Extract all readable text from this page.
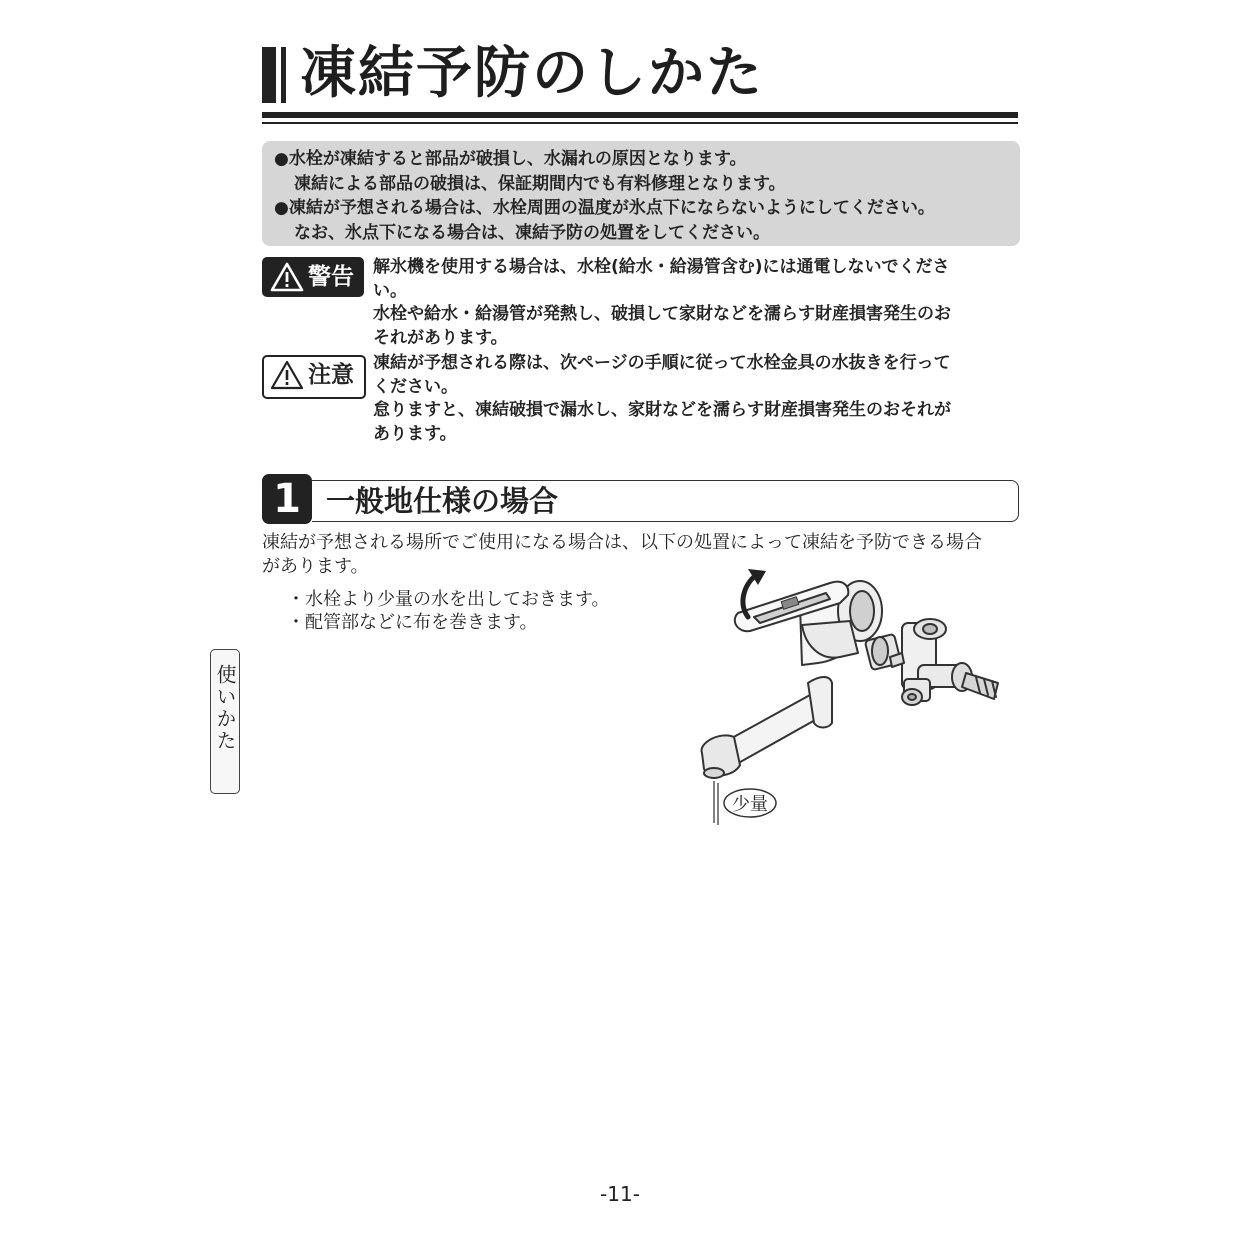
凍結予防のしかた

●水栓が凍結すると部品が破損し、水漏れの原因となります。

凍結による部品の破損は、保証期間内でも有料修理となります。

●凍結が予想される場合は、水栓周囲の温度が氷点下にならないようにしてください。

なお、氷点下になる場合は、凍結予防の処置をしてください。

警告 解氷機を使用する場合は、水栓(給水・給湯管含む)には通電しないでくださ

い。

水栓や給水・給湯管が発熱し、破損して家財などを濡らす財産損害発生のお

それがあります。

注意 凍結が予想される際は、次ページの手順に従って水栓金具の水抜きを行って

ください。

怠りますと、凍結破損で漏水し、家財などを濡らす財産損害発生のおそれが

あります。

1 一般地仕様の場合

凍結が予想される場所でご使用になる場合は、以下の処置によって凍結を予防できる場合

があります。

・水栓より少量の水を出しておきます。

・配管部などに布を巻きます。

少量
使いかた
-11-
